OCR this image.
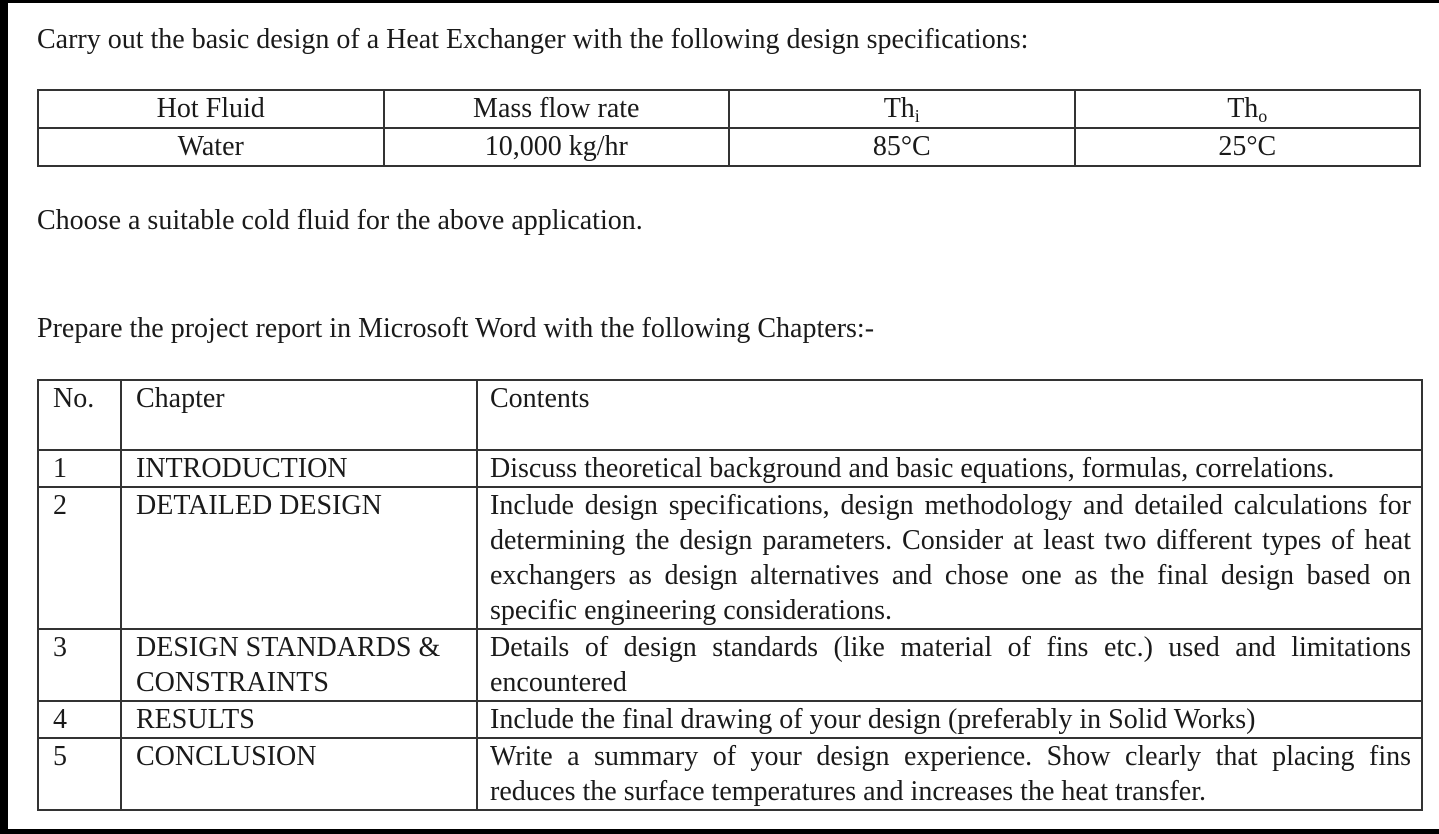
Carry out the basic design of a Heat Exchanger with the following design specifications:

Hot Fluid	Mass flow rate	$Th_i$	$Th_o$
Water	10,000 kg/hr	85°C	25°C

Choose a suitable cold fluid for the above application.

Prepare the project report in Microsoft Word with the following Chapters:-

No.	Chapter	Contents
1	INTRODUCTION	Discuss theoretical background and basic equations, formulas, correlations.
2	DETAILED DESIGN	Include design specifications, design methodology and detailed calculations for determining the design parameters. Consider at least two different types of heat exchangers as design alternatives and chose one as the final design based on specific engineering considerations.
3	DESIGN STANDARDS & CONSTRAINTS	Details of design standards (like material of fins etc.) used and limitations encountered
4	RESULTS	Include the final drawing of your design (preferably in Solid Works)
5	CONCLUSION	Write a summary of your design experience. Show clearly that placing fins reduces the surface temperatures and increases the heat transfer.
